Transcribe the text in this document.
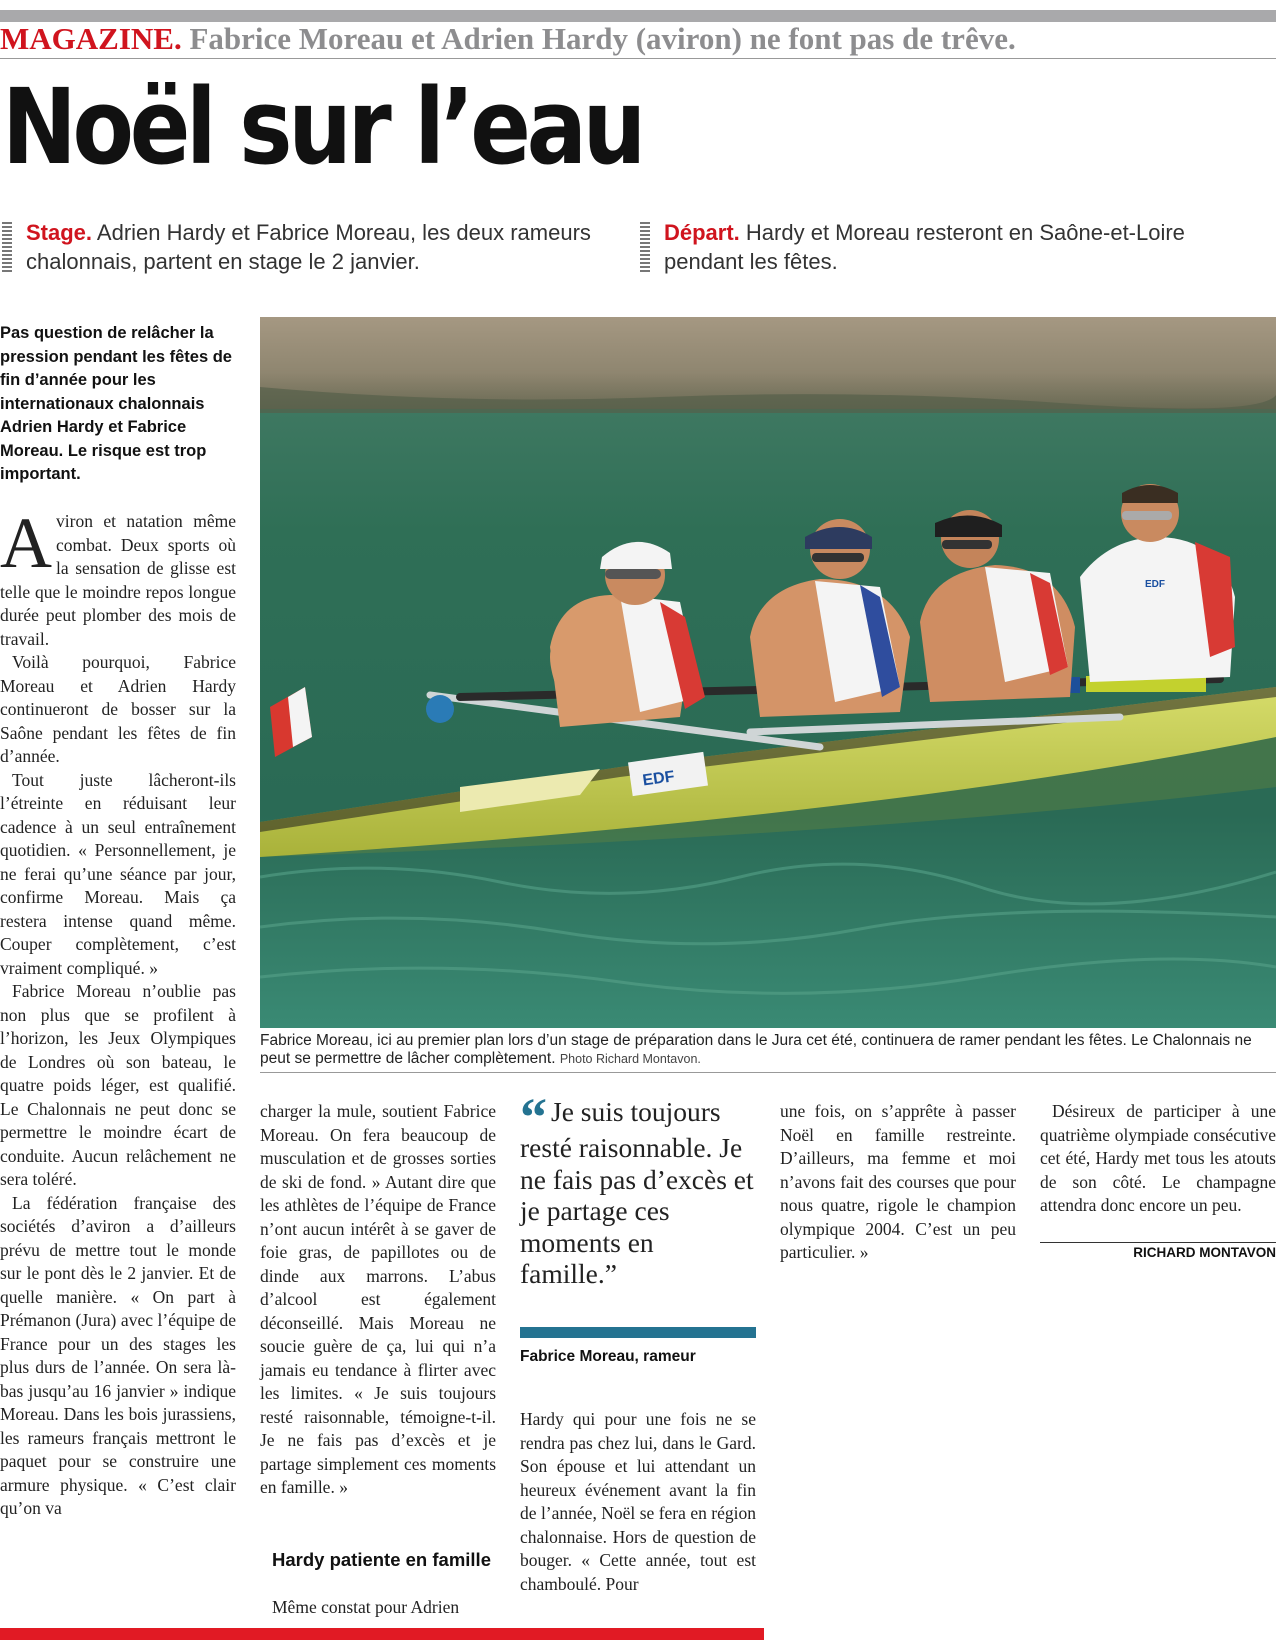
MAGAZINE. Fabrice Moreau et Adrien Hardy (aviron) ne font pas de trêve.
Noël sur l’eau
Stage. Adrien Hardy et Fabrice Moreau, les deux rameurs chalonnais, partent en stage le 2 janvier.
Départ. Hardy et Moreau resteront en Saône-et-Loire pendant les fêtes.
Pas question de relâcher la pression pendant les fêtes de fin d’année pour les internationaux chalonnais Adrien Hardy et Fabrice Moreau. Le risque est trop important.

Aviron et natation même combat. Deux sports où la sensation de glisse est telle que le moindre repos longue durée peut plomber des mois de travail.

Voilà pourquoi, Fabrice Moreau et Adrien Hardy continueront de bosser sur la Saône pendant les fêtes de fin d’année.

Tout juste lâcheront-ils l’étreinte en réduisant leur cadence à un seul entraînement quotidien. « Personnellement, je ne ferai qu’une séance par jour, confirme Moreau. Mais ça restera intense quand même. Couper complètement, c’est vraiment compliqué. »

Fabrice Moreau n’oublie pas non plus que se profilent à l’horizon, les Jeux Olympiques de Londres où son bateau, le quatre poids léger, est qualifié. Le Chalonnais ne peut donc se permettre le moindre écart de conduite. Aucun relâchement ne sera toléré.

La fédération française des sociétés d’aviron a d’ailleurs prévu de mettre tout le monde sur le pont dès le 2 janvier. Et de quelle manière. « On part à Prémanon (Jura) avec l’équipe de France pour un des stages les plus durs de l’année. On sera là-bas jusqu’au 16 janvier » indique Moreau. Dans les bois jurassiens, les rameurs français mettront le paquet pour se construire une armure physique. « C’est clair qu’on va

EDF
EDF
Fabrice Moreau, ici au premier plan lors d’un stage de préparation dans le Jura cet été, continuera de ramer pendant les fêtes. Le Chalonnais ne peut se permettre de lâcher complètement. Photo Richard Montavon.

charger la mule, soutient Fabrice Moreau. On fera beaucoup de musculation et de grosses sorties de ski de fond. » Autant dire que les athlètes de l’équipe de France n’ont aucun intérêt à se gaver de foie gras, de papillotes ou de dinde aux marrons. L’abus d’alcool est également déconseillé. Mais Moreau ne soucie guère de ça, lui qui n’a jamais eu tendance à flirter avec les limites. « Je suis toujours resté raisonnable, témoigne-t-il. Je ne fais pas d’excès et je partage simplement ces moments en famille. »

Hardy patiente en famille

Même constat pour Adrien

“ Je suis toujours resté raisonnable. Je ne fais pas d’excès et je partage ces moments en famille.”
Fabrice Moreau, rameur

Hardy qui pour une fois ne se rendra pas chez lui, dans le Gard. Son épouse et lui attendant un heureux événement avant la fin de l’année, Noël se fera en région chalonnaise. Hors de question de bouger. « Cette année, tout est chamboulé. Pour

une fois, on s’apprête à passer Noël en famille restreinte. D’ailleurs, ma femme et moi n’avons fait des courses que pour nous quatre, rigole le champion olympique 2004. C’est un peu particulier. »

Désireux de participer à une quatrième olympiade consécutive cet été, Hardy met tous les atouts de son côté. Le champagne attendra donc encore un peu.

RICHARD MONTAVON
